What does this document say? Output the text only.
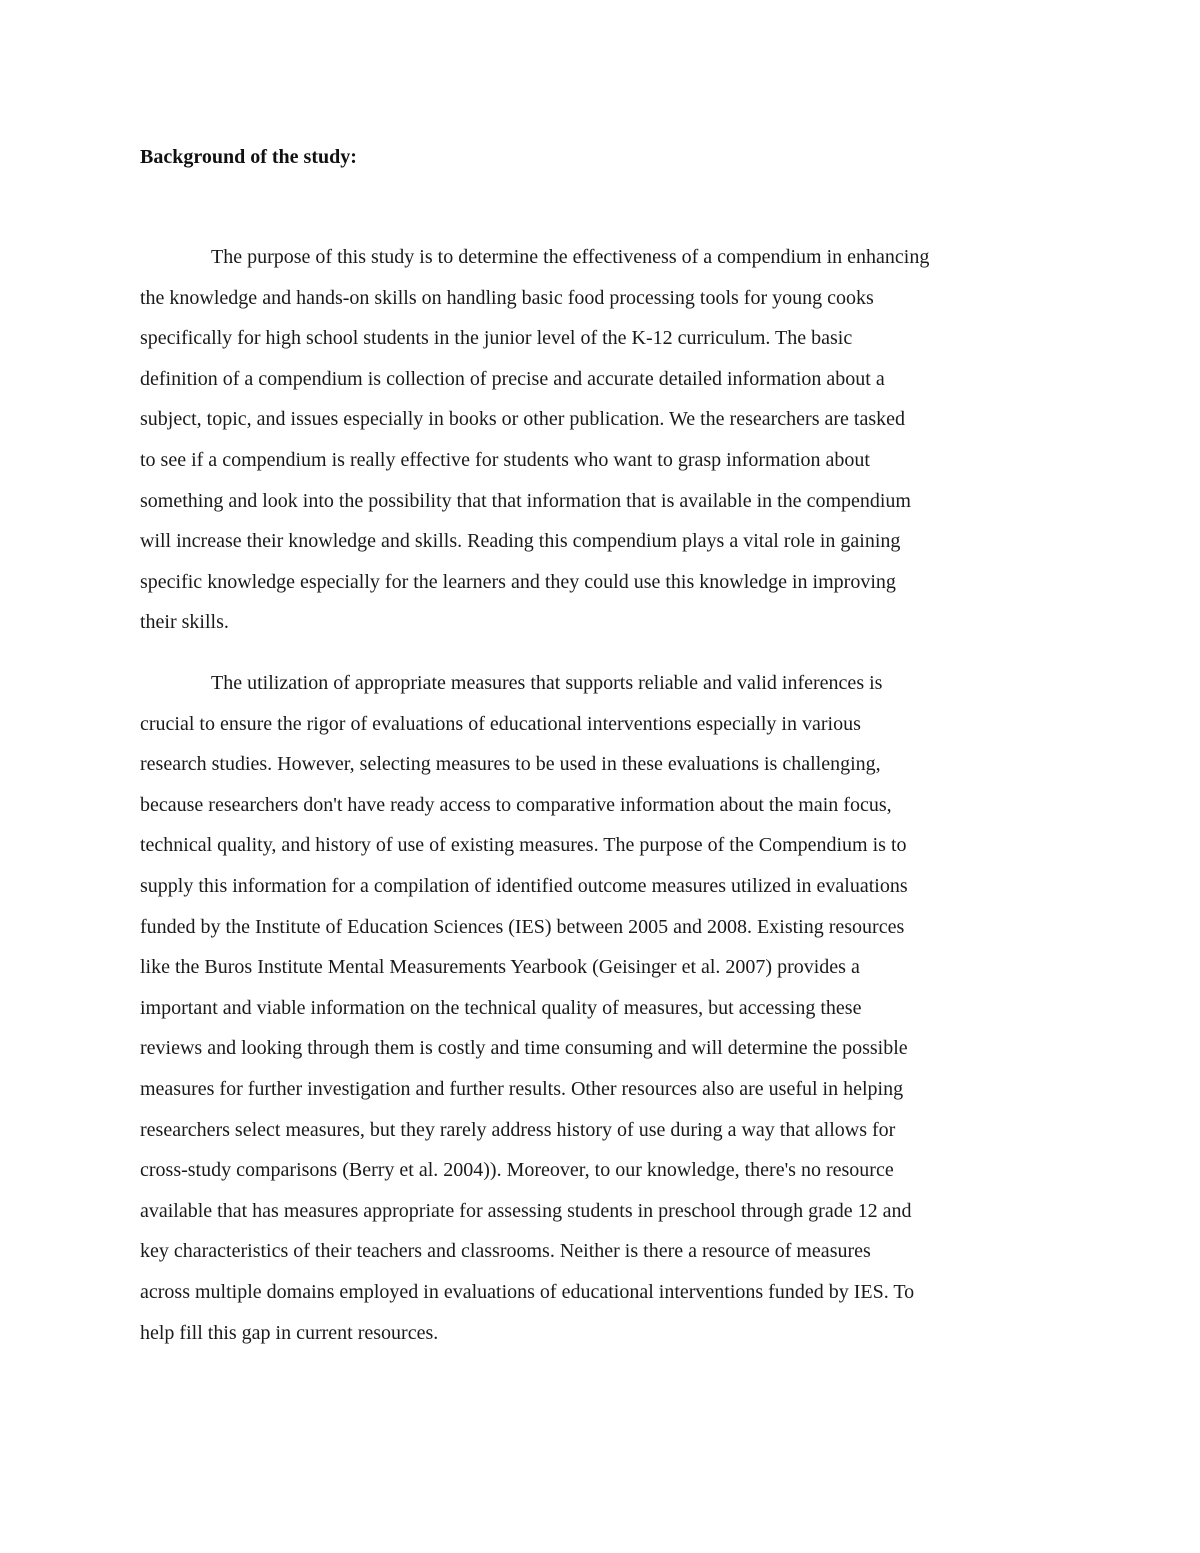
Background of the study:

The purpose of this study is to determine the effectiveness of a compendium in enhancing

the knowledge and hands-on skills on handling basic food processing tools for young cooks

specifically for high school students in the junior level of the K-12 curriculum. The basic

definition of a compendium is collection of precise and accurate detailed information about a

subject, topic, and issues especially in books or other publication. We the researchers are tasked

to see if a compendium is really effective for students who want to grasp information about

something and look into the possibility that that information that is available in the compendium

will increase their knowledge and skills. Reading this compendium plays a vital role in gaining

specific knowledge especially for the learners and they could use this knowledge in improving

their skills.

The utilization of appropriate measures that supports reliable and valid inferences is

crucial to ensure the rigor of evaluations of educational interventions especially in various

research studies. However, selecting measures to be used in these evaluations is challenging,

because researchers don't have ready access to comparative information about the main focus,

technical quality, and history of use of existing measures. The purpose of the Compendium is to

supply this information for a compilation of identified outcome measures utilized in evaluations

funded by the Institute of Education Sciences (IES) between 2005 and 2008. Existing resources

like the Buros Institute Mental Measurements Yearbook (Geisinger et al. 2007) provides a

important and viable information on the technical quality of measures, but accessing these

reviews and looking through them is costly and time consuming and will determine the possible

measures for further investigation and further results. Other resources also are useful in helping

researchers select measures, but they rarely address history of use during a way that allows for

cross-study comparisons (Berry et al. 2004)). Moreover, to our knowledge, there's no resource

available that has measures appropriate for assessing students in preschool through grade 12 and

key characteristics of their teachers and classrooms. Neither is there a resource of measures

across multiple domains employed in evaluations of educational interventions funded by IES. To

help fill this gap in current resources.
